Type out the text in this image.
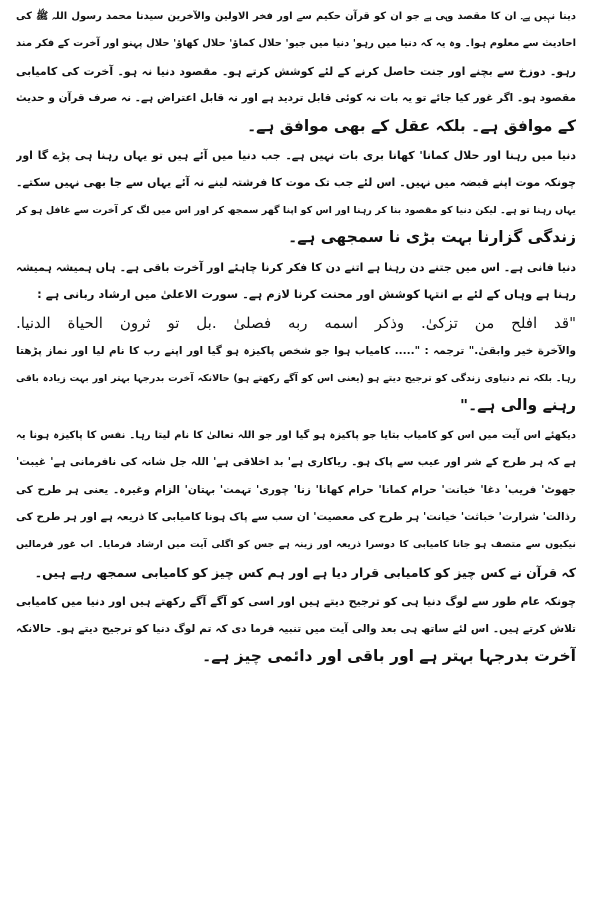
دینا نہیں ہے۔ ان کا مقصد وہی ہے جو ان کو قرآن حکیم سے اور فخر الاولین والآخرین سیدنا محمد رسول اللہ ﷺ کی
احادیث سے معلوم ہوا۔ وہ یہ کہ دنیا میں رہو' دنیا میں جیو' حلال کماؤ' حلال کھاؤ' حلال پہنو اور آخرت کے فکر مند
رہو۔ دوزخ سے بچنے اور جنت حاصل کرنے کے لئے کوشش کرتے ہو۔ مقصود دنیا نہ ہو۔ آخرت کی کامیابی
مقصود ہو۔ اگر غور کیا جائے تو یہ بات نہ کوئی قابل تردید ہے اور نہ قابل اعتراض ہے۔ نہ صرف قرآن و حدیث
کے موافق ہے۔ بلکہ عقل کے بھی موافق ہے۔
دنیا میں رہنا اور حلال کمانا' کھانا بری بات نہیں ہے۔ جب دنیا میں آئے ہیں تو یہاں رہنا ہی پڑے گا اور
چونکہ موت اپنے قبضہ میں نہیں۔ اس لئے جب تک موت کا فرشتہ لینے نہ آئے یہاں سے جا بھی نہیں سکتے۔
یہاں رہنا تو ہے۔ لیکن دنیا کو مقصود بنا کر رہنا اور اس کو اپنا گھر سمجھ کر اور اس میں لگ کر آخرت سے غافل ہو کر
زندگی گزارنا بہت بڑی نا سمجھی ہے۔
دنیا فانی ہے۔ اس میں جتنے دن رہنا ہے اتنے دن کا فکر کرنا چاہئے اور آخرت باقی ہے۔ ہاں ہمیشہ ہمیشہ
رہنا ہے وہاں کے لئے بے انتہا کوشش اور محنت کرنا لازم ہے۔ سورت الاعلیٰ میں ارشاد ربانی ہے :
"قد افلح من تزكىٰ. وذكر اسمه ربه فصلىٰ .بل تو ثرون الحياة الدنيا.
والآخرة خير وابقىٰ." ترجمہ : "..... کامیاب ہوا جو شخص پاکیزہ ہو گیا اور اپنے رب کا نام لیا اور نماز پڑھتا
رہا۔ بلکہ تم دنیاوی زندگی کو ترجیح دیتے ہو (یعنی اس کو آگے رکھتے ہو) حالانکہ آخرت بدرجہا بہتر اور بہت زیادہ باقی
رہنے والی ہے۔"
دیکھئے اس آیت میں اس کو کامیاب بتایا جو پاکیزہ ہو گیا اور جو اللہ تعالیٰ کا نام لیتا رہا۔ نفس کا پاکیزہ ہونا یہ
ہے کہ ہر طرح کے شر اور عیب سے پاک ہو۔ ریاکاری ہے' بد اخلاقی ہے' اللہ جل شانہ کی نافرمانی ہے' غیبت'
جھوٹ' فریب' دغا' خیانت' حرام کمانا' حرام کھانا' زنا' چوری' تہمت' بہتان' الزام وغیرہ۔ یعنی ہر طرح کی
رذالت' شرارت' خباثت' خیانت' ہر طرح کی معصیت' ان سب سے پاک ہونا کامیابی کا ذریعہ ہے اور ہر طرح کی
نیکیوں سے متصف ہو جانا کامیابی کا دوسرا ذریعہ اور زینہ ہے جس کو اگلی آیت میں ارشاد فرمایا۔ اب غور فرمالیں
کہ قرآن نے کس چیز کو کامیابی قرار دیا ہے اور ہم کس چیز کو کامیابی سمجھ رہے ہیں۔
چونکہ عام طور سے لوگ دنیا ہی کو ترجیح دیتے ہیں اور اسی کو آگے آگے رکھتے ہیں اور دنیا میں کامیابی
تلاش کرتے ہیں۔ اس لئے ساتھ ہی بعد والی آیت میں تنبیہ فرما دی کہ تم لوگ دنیا کو ترجیح دیتے ہو۔ حالانکہ
آخرت بدرجہا بہتر ہے اور باقی اور دائمی چیز ہے۔
